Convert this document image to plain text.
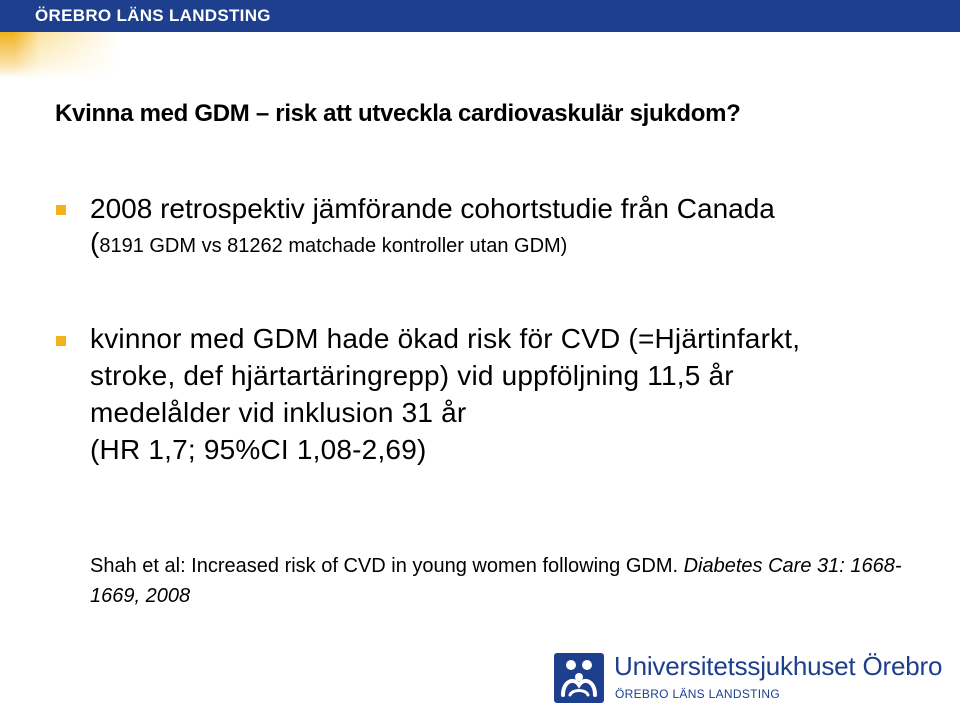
ÖREBRO LÄNS LANDSTING
Kvinna med GDM – risk att utveckla cardiovaskulär sjukdom?
2008 retrospektiv jämförande cohortstudie från Canada
(8191 GDM vs 81262 matchade kontroller utan GDM)
kvinnor med GDM hade ökad risk för CVD (=Hjärtinfarkt,
stroke, def hjärtartäringrepp) vid uppföljning 11,5 år
medelålder vid inklusion 31 år
(HR 1,7; 95%CI 1,08-2,69)
Shah et al: Increased risk of CVD in young women following GDM. Diabetes Care 31: 1668-1669, 2008
Universitetssjukhuset Örebro
ÖREBRO LÄNS LANDSTING
